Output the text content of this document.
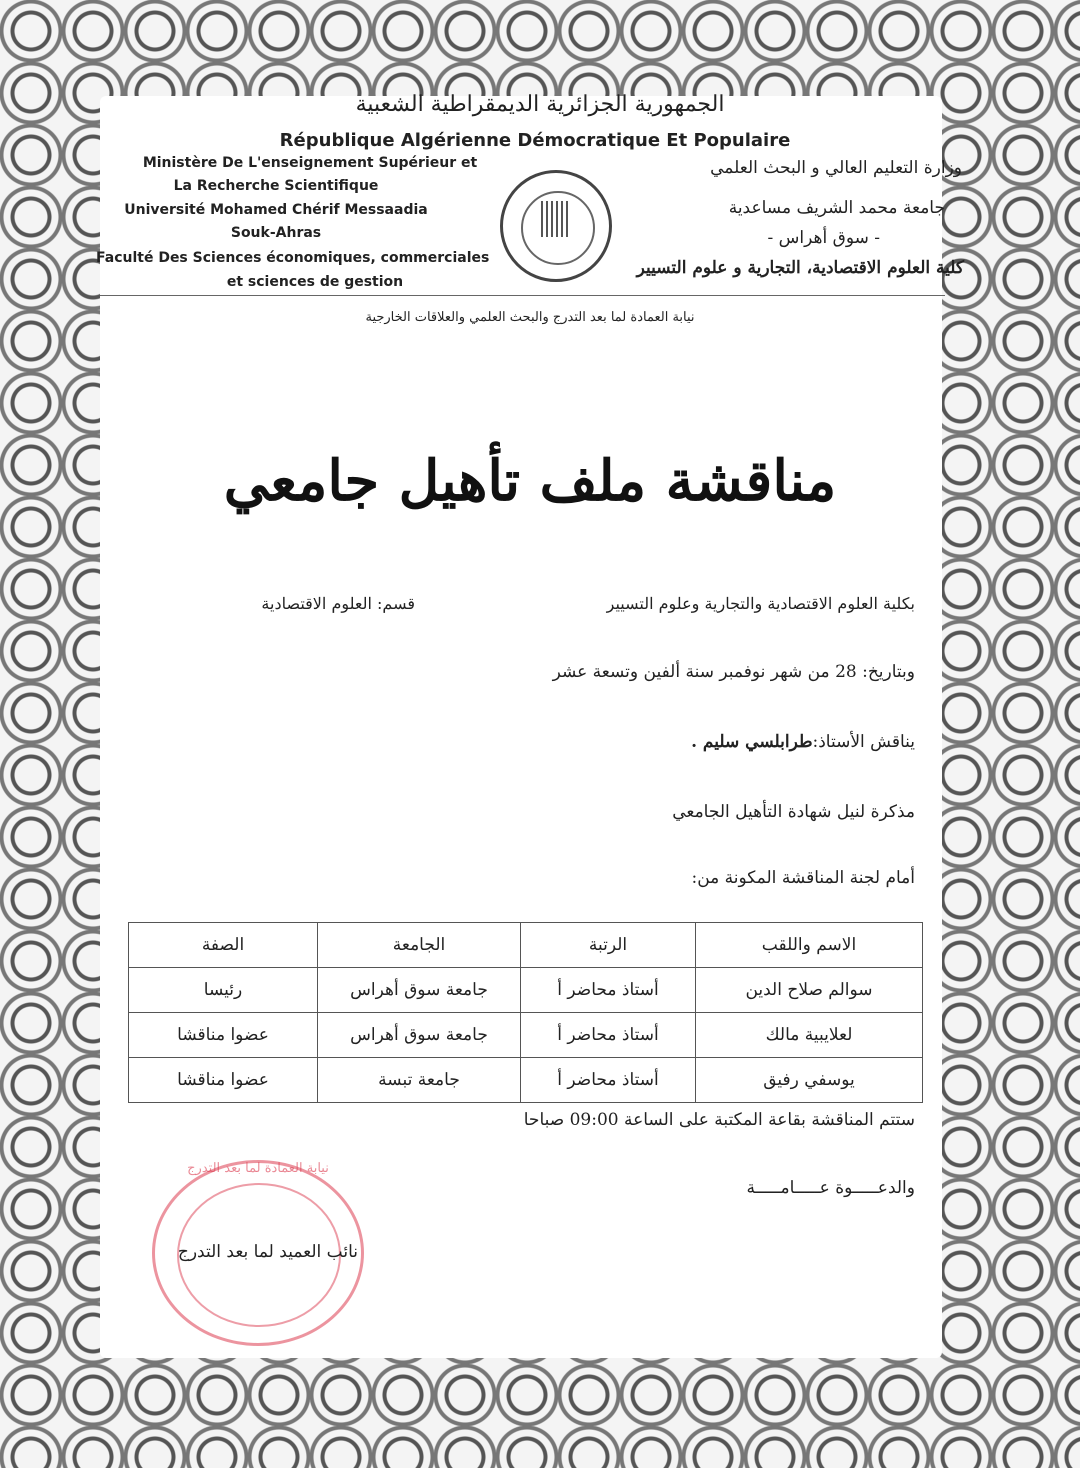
الجمهورية الجزائرية الديمقراطية الشعبية
République Algérienne Démocratique Et Populaire
Ministère De L'enseignement Supérieur et
La Recherche Scientifique
Université Mohamed Chérif Messaadia
Souk-Ahras
Faculté Des Sciences économiques, commerciales
et sciences de gestion
وزارة التعليم العالي و البحث العلمي
جامعة محمد الشريف مساعدية
- سوق أهراس -
كلية العلوم الاقتصادية، التجارية و علوم التسيير
نيابة العمادة لما بعد التدرج والبحث العلمي والعلاقات الخارجية
مناقشة ملف تأهيل جامعي
بكلية العلوم الاقتصادية والتجارية وعلوم التسيير
قسم: العلوم الاقتصادية
وبتاريخ: 28 من شهر نوفمبر سنة ألفين وتسعة عشر
يناقش الأستاذ:طرابلسي سليم .
مذكرة لنيل شهادة التأهيل الجامعي
أمام لجنة المناقشة المكونة من:
الاسم واللقب	الرتبة	الجامعة	الصفة
سوالم صلاح الدين	أستاذ محاضر أ	جامعة سوق أهراس	رئيسا
لعلايبية مالك	أستاذ محاضر أ	جامعة سوق أهراس	عضوا مناقشا
يوسفي رفيق	أستاذ محاضر أ	جامعة تبسة	عضوا مناقشا
ستتم المناقشة بقاعة المكتبة على الساعة 09:00 صباحا
والدعـــــوة عـــــامـــــة
نيابة العمادة لما بعد التدرج
نائب العميد لما بعد التدرج
